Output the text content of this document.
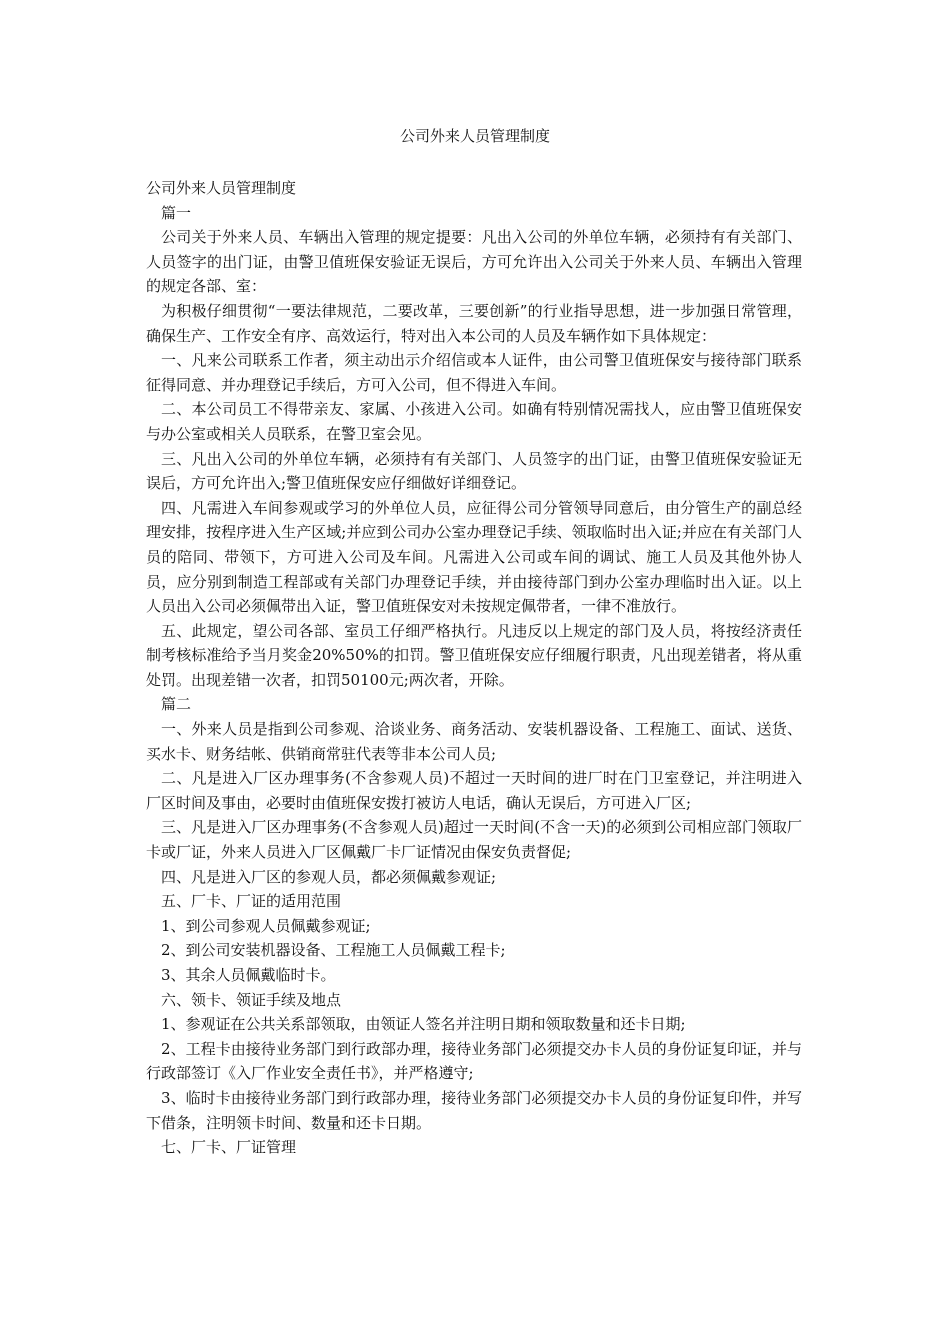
公司外来人员管理制度

公司外来人员管理制度

篇一

公司关于外来人员、车辆出入管理的规定提要：凡出入公司的外单位车辆，必须持有有关部门、人员签字的出门证，由警卫值班保安验证无误后，方可允许出入公司关于外来人员、车辆出入管理的规定各部、室：

为积极仔细贯彻“一要法律规范，二要改革，三要创新”的行业指导思想，进一步加强日常管理，确保生产、工作安全有序、高效运行，特对出入本公司的人员及车辆作如下具体规定：

一、凡来公司联系工作者，须主动出示介绍信或本人证件，由公司警卫值班保安与接待部门联系征得同意、并办理登记手续后，方可入公司，但不得进入车间。

二、本公司员工不得带亲友、家属、小孩进入公司。如确有特别情况需找人，应由警卫值班保安与办公室或相关人员联系，在警卫室会见。

三、凡出入公司的外单位车辆，必须持有有关部门、人员签字的出门证，由警卫值班保安验证无误后，方可允许出入;警卫值班保安应仔细做好详细登记。

四、凡需进入车间参观或学习的外单位人员，应征得公司分管领导同意后，由分管生产的副总经理安排，按程序进入生产区域;并应到公司办公室办理登记手续、领取临时出入证;并应在有关部门人员的陪同、带领下，方可进入公司及车间。凡需进入公司或车间的调试、施工人员及其他外协人员，应分别到制造工程部或有关部门办理登记手续，并由接待部门到办公室办理临时出入证。以上人员出入公司必须佩带出入证，警卫值班保安对未按规定佩带者，一律不准放行。

五、此规定，望公司各部、室员工仔细严格执行。凡违反以上规定的部门及人员，将按经济责任制考核标准给予当月奖金20%50%的扣罚。警卫值班保安应仔细履行职责，凡出现差错者，将从重处罚。出现差错一次者，扣罚50100元;两次者，开除。

篇二

一、外来人员是指到公司参观、洽谈业务、商务活动、安装机器设备、工程施工、面试、送货、买水卡、财务结帐、供销商常驻代表等非本公司人员;

二、凡是进入厂区办理事务(不含参观人员)不超过一天时间的进厂时在门卫室登记，并注明进入厂区时间及事由，必要时由值班保安拨打被访人电话，确认无误后，方可进入厂区;

三、凡是进入厂区办理事务(不含参观人员)超过一天时间(不含一天)的必须到公司相应部门领取厂卡或厂证，外来人员进入厂区佩戴厂卡厂证情况由保安负责督促;

四、凡是进入厂区的参观人员，都必须佩戴参观证;

五、厂卡、厂证的适用范围

1、到公司参观人员佩戴参观证;

2、到公司安装机器设备、工程施工人员佩戴工程卡;

3、其余人员佩戴临时卡。

六、领卡、领证手续及地点

1、参观证在公共关系部领取，由领证人签名并注明日期和领取数量和还卡日期;

2、工程卡由接待业务部门到行政部办理，接待业务部门必须提交办卡人员的身份证复印证，并与行政部签订《入厂作业安全责任书》，并严格遵守;

3、临时卡由接待业务部门到行政部办理，接待业务部门必须提交办卡人员的身份证复印件，并写下借条，注明领卡时间、数量和还卡日期。

七、厂卡、厂证管理
